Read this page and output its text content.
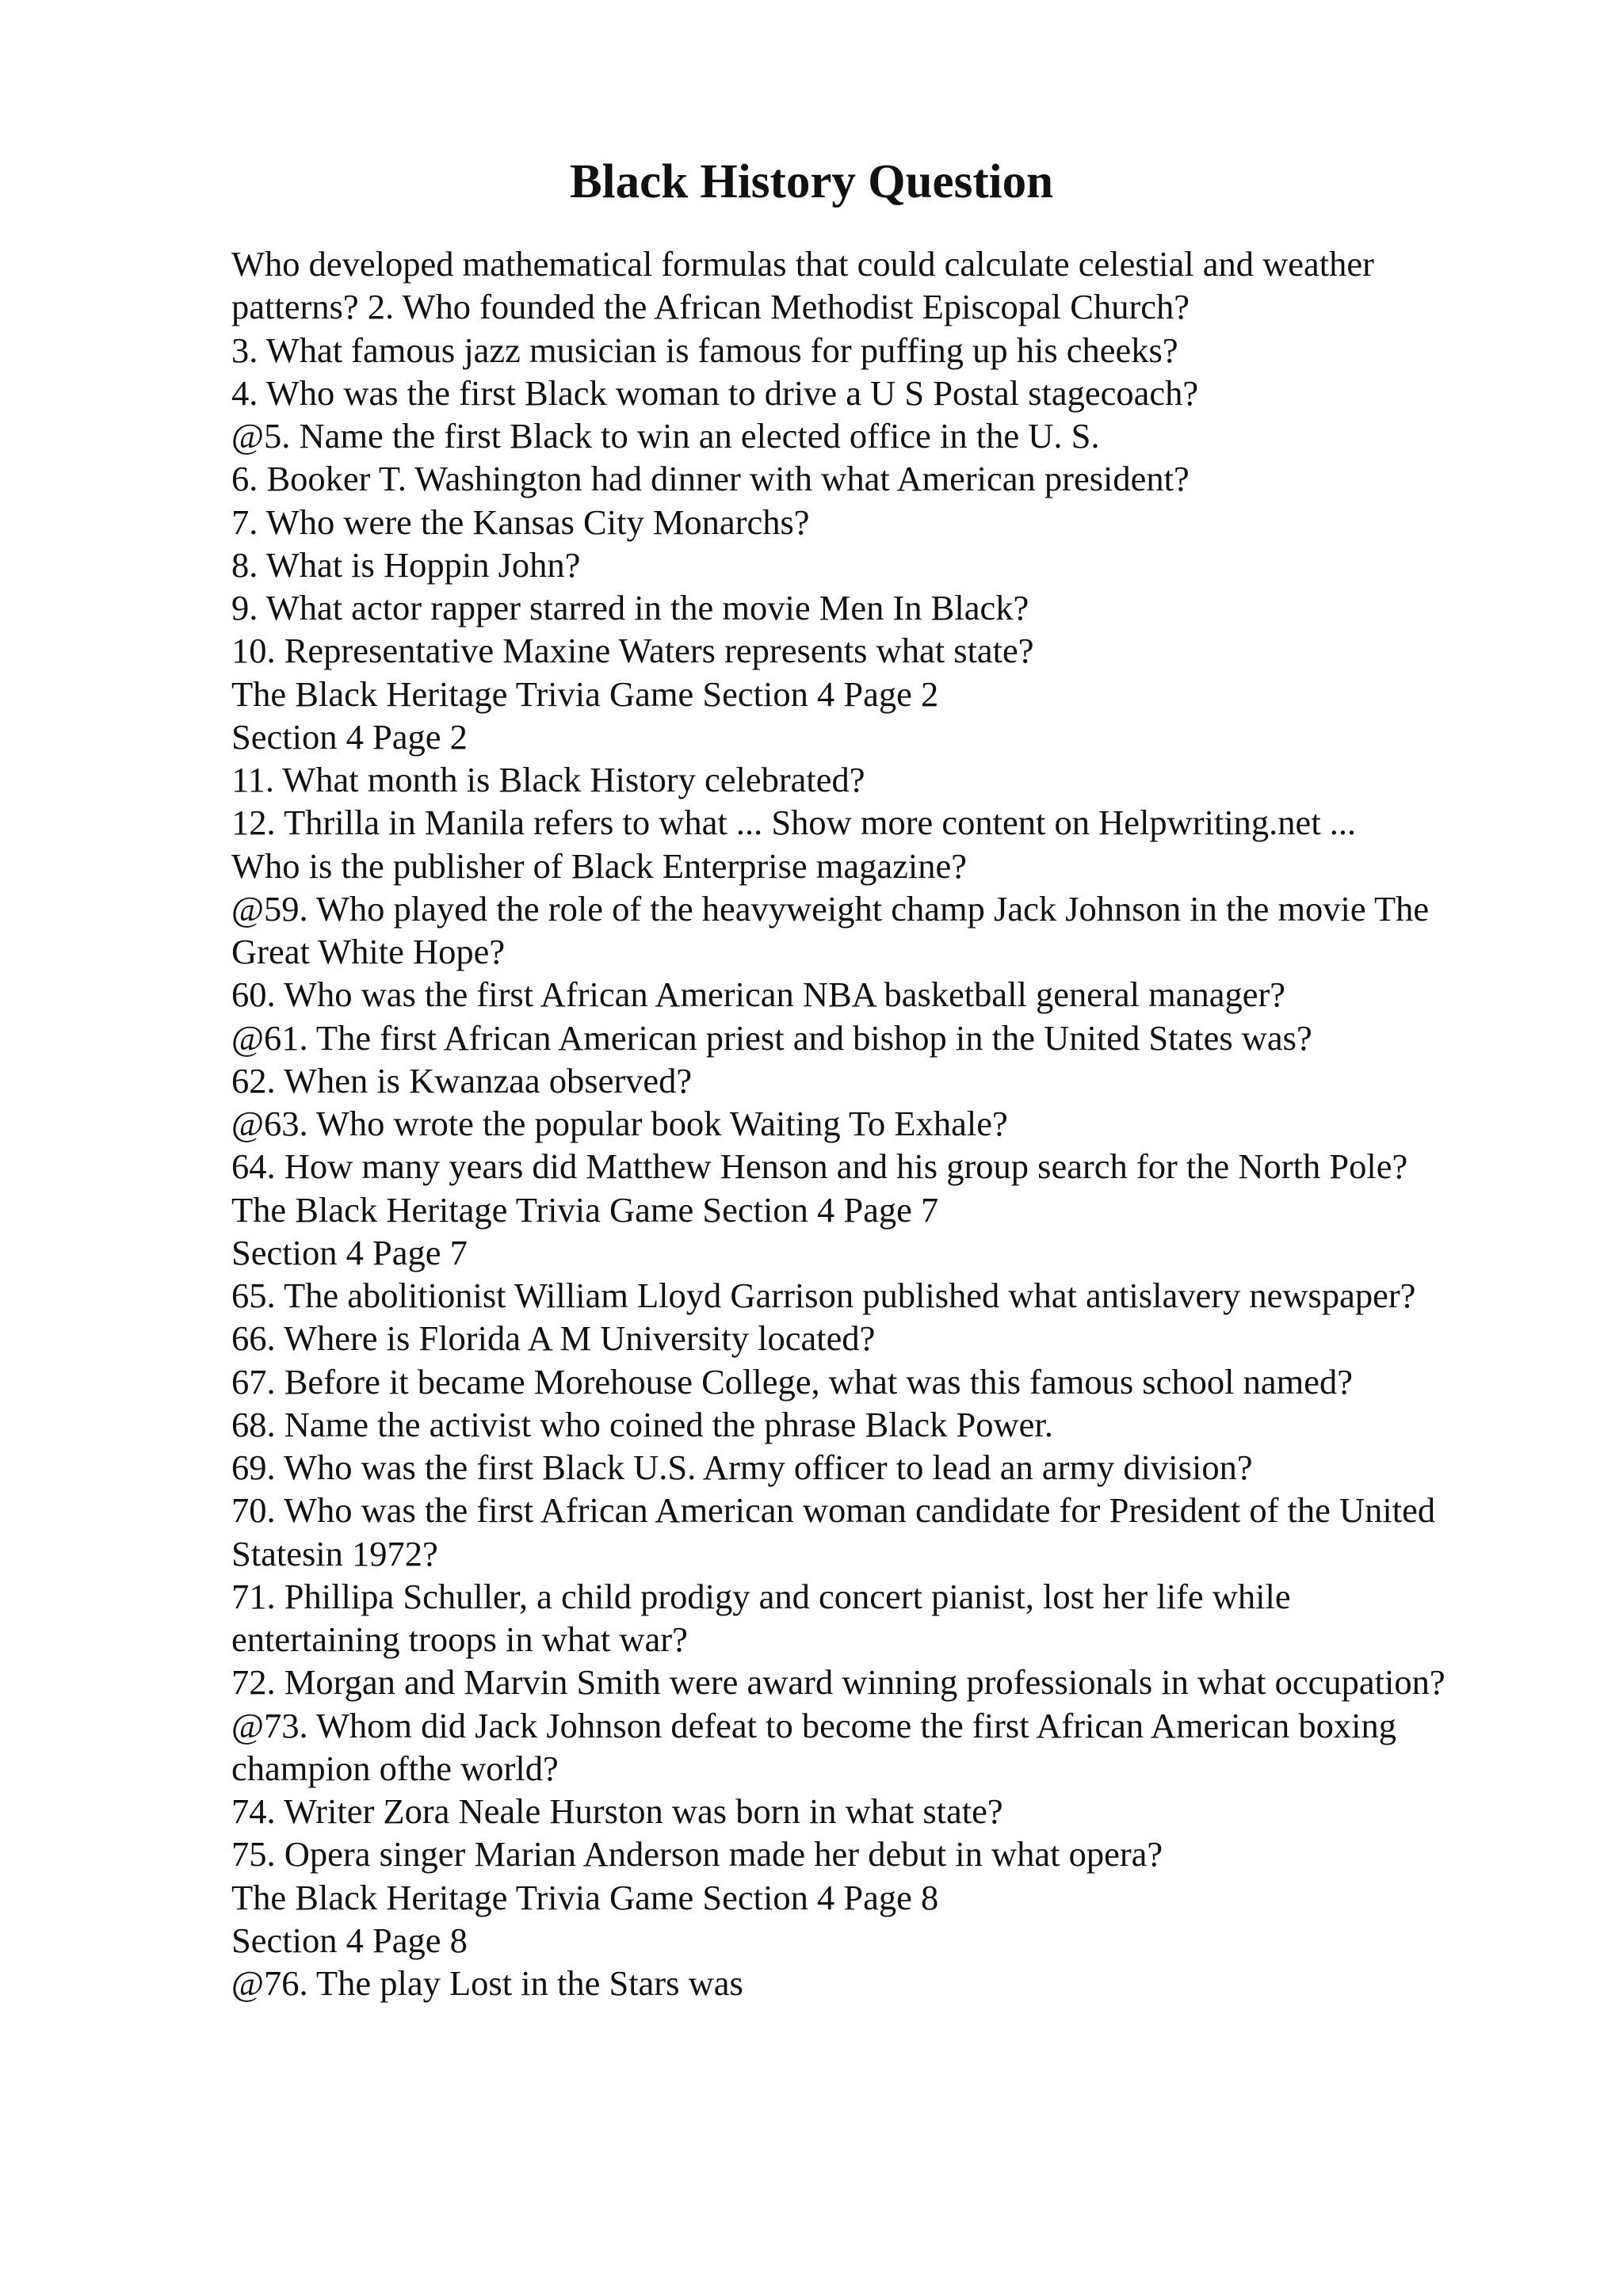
Black History Question
Who developed mathematical formulas that could calculate celestial and weather
patterns? 2. Who founded the African Methodist Episcopal Church?
3. What famous jazz musician is famous for puffing up his cheeks?
4. Who was the first Black woman to drive a U S Postal stagecoach?
@5. Name the first Black to win an elected office in the U. S.
6. Booker T. Washington had dinner with what American president?
7. Who were the Kansas City Monarchs?
8. What is Hoppin John?
9. What actor rapper starred in the movie Men In Black?
10. Representative Maxine Waters represents what state?
The Black Heritage Trivia Game Section 4 Page 2
Section 4 Page 2
11. What month is Black History celebrated?
12. Thrilla in Manila refers to what ... Show more content on Helpwriting.net ...
Who is the publisher of Black Enterprise magazine?
@59. Who played the role of the heavyweight champ Jack Johnson in the movie The
Great White Hope?
60. Who was the first African American NBA basketball general manager?
@61. The first African American priest and bishop in the United States was?
62. When is Kwanzaa observed?
@63. Who wrote the popular book Waiting To Exhale?
64. How many years did Matthew Henson and his group search for the North Pole?
The Black Heritage Trivia Game Section 4 Page 7
Section 4 Page 7
65. The abolitionist William Lloyd Garrison published what antislavery newspaper?
66. Where is Florida A M University located?
67. Before it became Morehouse College, what was this famous school named?
68. Name the activist who coined the phrase Black Power.
69. Who was the first Black U.S. Army officer to lead an army division?
70. Who was the first African American woman candidate for President of the United
Statesin 1972?
71. Phillipa Schuller, a child prodigy and concert pianist, lost her life while
entertaining troops in what war?
72. Morgan and Marvin Smith were award winning professionals in what occupation?
@73. Whom did Jack Johnson defeat to become the first African American boxing
champion ofthe world?
74. Writer Zora Neale Hurston was born in what state?
75. Opera singer Marian Anderson made her debut in what opera?
The Black Heritage Trivia Game Section 4 Page 8
Section 4 Page 8
@76. The play Lost in the Stars was
